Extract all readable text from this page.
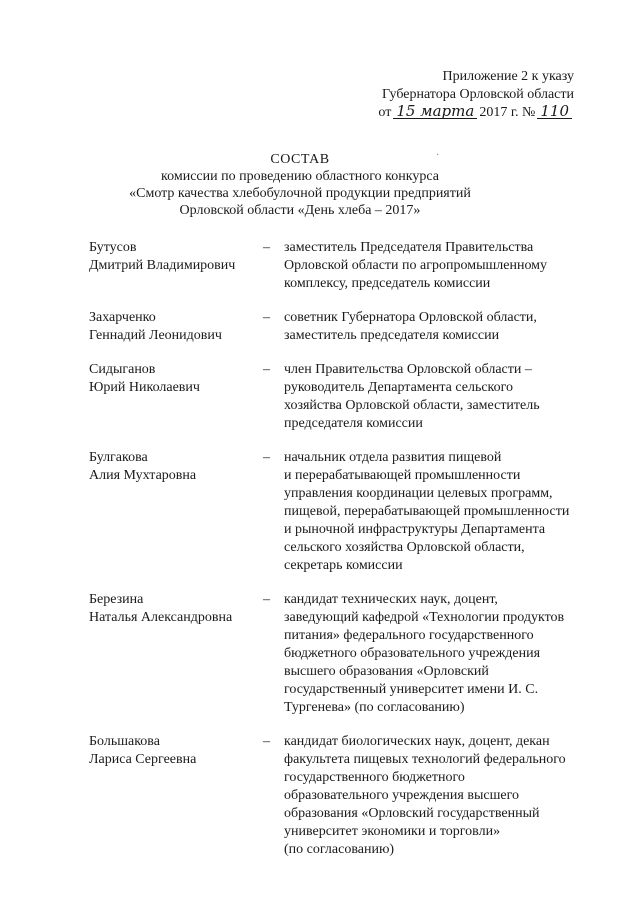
Приложение 2 к указу
Губернатора Орловской области
от 15 марта 2017 г. № 110
·
СОСТАВ
комиссии по проведению областного конкурса
«Смотр качества хлебобулочной продукции предприятий
Орловской области «День хлеба – 2017»
Бутусов
Дмитрий Владимирович
– заместитель Председателя Правительства
Орловской области по агропромышленному
комплексу, председатель комиссии
Захарченко
Геннадий Леонидович
– советник Губернатора Орловской области,
заместитель председателя комиссии
Сидыганов
Юрий Николаевич
– член Правительства Орловской области –
руководитель Департамента сельского
хозяйства Орловской области, заместитель
председателя комиссии
Булгакова
Алия Мухтаровна
– начальник отдела развития пищевой
и перерабатывающей промышленности
управления координации целевых программ,
пищевой, перерабатывающей промышленности
и рыночной инфраструктуры Департамента
сельского хозяйства Орловской области,
секретарь комиссии
Березина
Наталья Александровна
– кандидат технических наук, доцент,
заведующий кафедрой «Технологии продуктов
питания» федерального государственного
бюджетного образовательного учреждения
высшего образования «Орловский
государственный университет имени И. С.
Тургенева» (по согласованию)
Большакова
Лариса Сергеевна
– кандидат биологических наук, доцент, декан
факультета пищевых технологий федерального
государственного бюджетного
образовательного учреждения высшего
образования «Орловский государственный
университет экономики и торговли»
(по согласованию)
